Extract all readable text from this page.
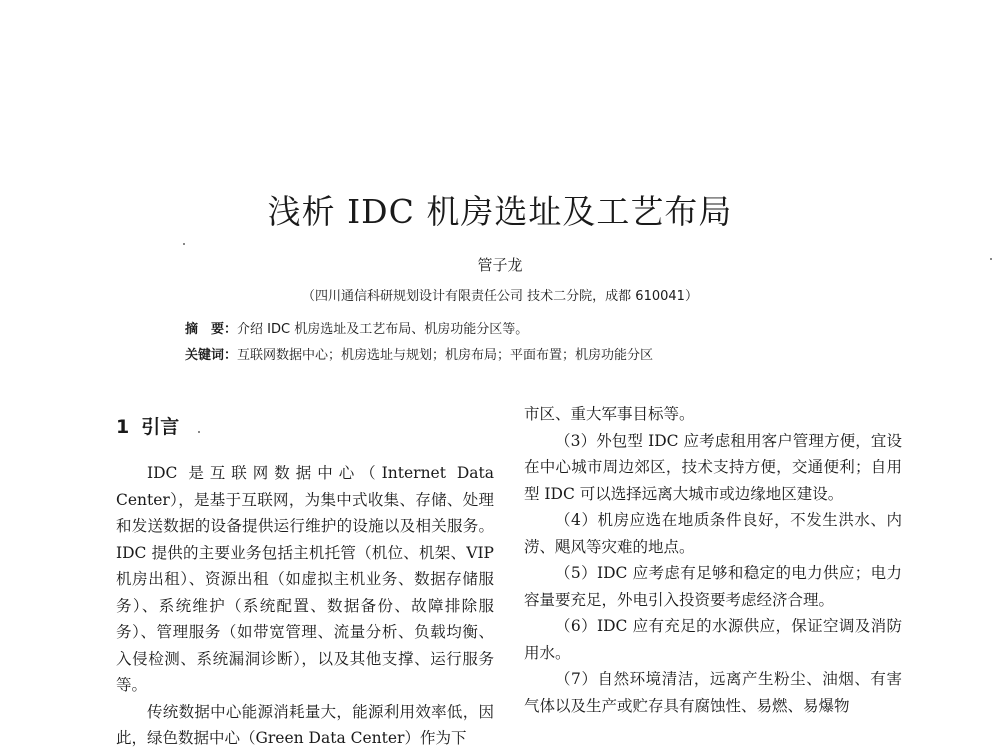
浅析 IDC 机房选址及工艺布局
管子龙
（四川通信科研规划设计有限责任公司 技术二分院，成都 610041）
摘　要：介绍 IDC 机房选址及工艺布局、机房功能分区等。
关键词：互联网数据中心；机房选址与规划；机房布局；平面布置；机房功能分区
1 引言

IDC 是互联网数据中心（Internet Data Center），是基于互联网，为集中式收集、存储、处理和发送数据的设备提供运行维护的设施以及相关服务。IDC 提供的主要业务包括主机托管（机位、机架、VIP 机房出租）、资源出租（如虚拟主机业务、数据存储服务）、系统维护（系统配置、数据备份、故障排除服务）、管理服务（如带宽管理、流量分析、负载均衡、入侵检测、系统漏洞诊断），以及其他支撑、运行服务等。

传统数据中心能源消耗量大，能源利用效率低，因此，绿色数据中心（Green Data Center）作为下

市区、重大军事目标等。

（3）外包型 IDC 应考虑租用客户管理方便，宜设在中心城市周边郊区，技术支持方便，交通便利；自用型 IDC 可以选择远离大城市或边缘地区建设。

（4）机房应选在地质条件良好，不发生洪水、内涝、飓风等灾难的地点。

（5）IDC 应考虑有足够和稳定的电力供应；电力容量要充足，外电引入投资要考虑经济合理。

（6）IDC 应有充足的水源供应，保证空调及消防用水。

（7）自然环境清洁，远离产生粉尘、油烟、有害气体以及生产或贮存具有腐蚀性、易燃、易爆物
